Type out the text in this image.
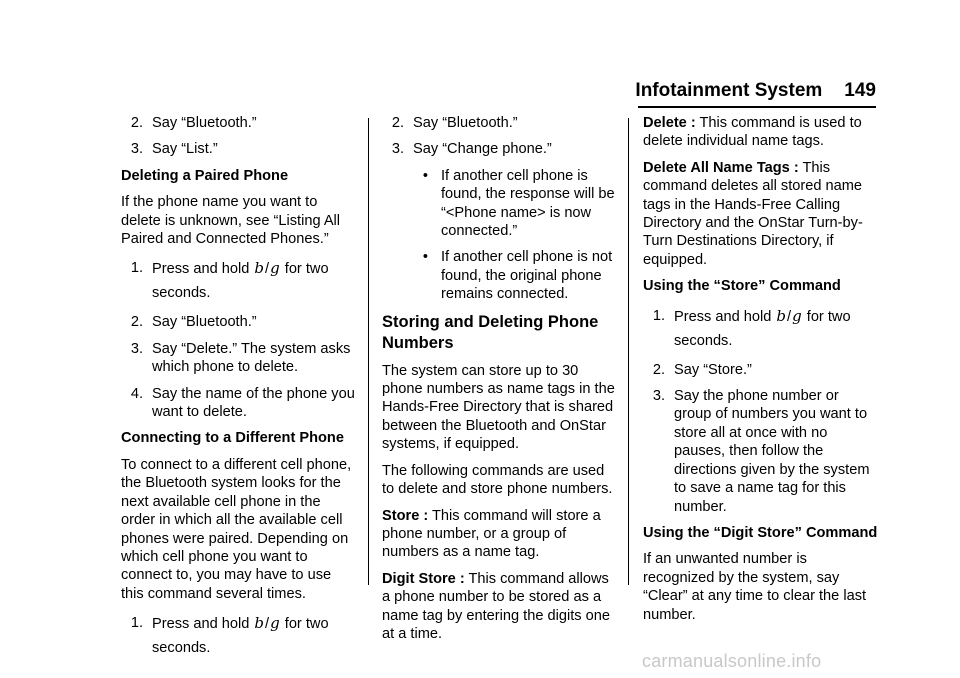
Infotainment System 149
2. Say “Bluetooth.”
3. Say “List.”
Deleting a Paired Phone
If the phone name you want to delete is unknown, see “Listing All Paired and Connected Phones.”
1. Press and hold b/g for two seconds.
2. Say “Bluetooth.”
3. Say “Delete.” The system asks which phone to delete.
4. Say the name of the phone you want to delete.
Connecting to a Different Phone
To connect to a different cell phone, the Bluetooth system looks for the next available cell phone in the order in which all the available cell phones were paired. Depending on which cell phone you want to connect to, you may have to use this command several times.
1. Press and hold b/g for two seconds.
2. Say “Bluetooth.”
3. Say “Change phone.”
• If another cell phone is found, the response will be “<Phone name> is now connected.”
• If another cell phone is not found, the original phone remains connected.
Storing and Deleting Phone Numbers
The system can store up to 30 phone numbers as name tags in the Hands-Free Directory that is shared between the Bluetooth and OnStar systems, if equipped.
The following commands are used to delete and store phone numbers.
Store : This command will store a phone number, or a group of numbers as a name tag.
Digit Store : This command allows a phone number to be stored as a name tag by entering the digits one at a time.
Delete : This command is used to delete individual name tags.
Delete All Name Tags : This command deletes all stored name tags in the Hands-Free Calling Directory and the OnStar Turn-by-Turn Destinations Directory, if equipped.
Using the “Store” Command
1. Press and hold b/g for two seconds.
2. Say “Store.”
3. Say the phone number or group of numbers you want to store all at once with no pauses, then follow the directions given by the system to save a name tag for this number.
Using the “Digit Store” Command
If an unwanted number is recognized by the system, say “Clear” at any time to clear the last number.
carmanualsonline.info
